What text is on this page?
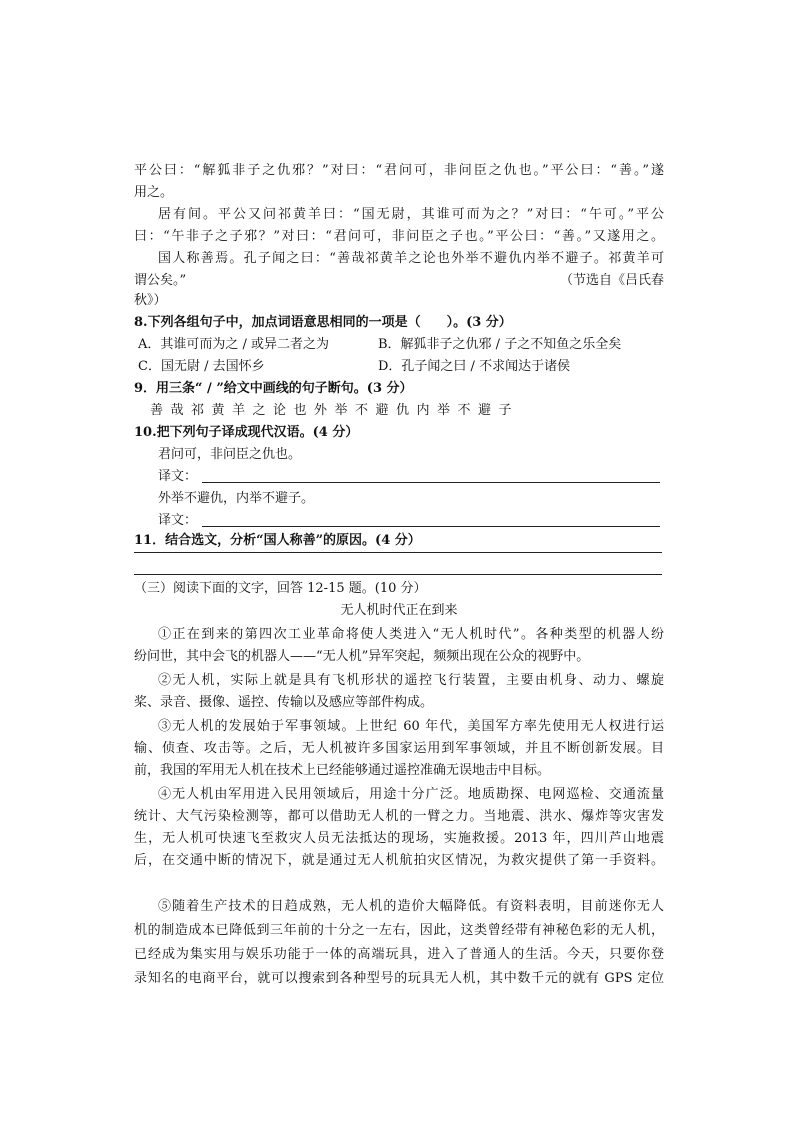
平公曰：“解狐非子之仇邪？”对曰：“君问可，非问臣之仇也。”平公曰：“善。”遂
用之。
居有间。平公又问祁黄羊曰：“国无尉，其谁可而为之？”对曰：“午可。”平公
曰：“午非子之子邪？”对曰：“君问可，非问臣之子也。”平公曰：“善。”又遂用之。
国人称善焉。孔子闻之曰：“善哉祁黄羊之论也外举不避仇内举不避子。祁黄羊可
谓公矣。”	（节选自《吕氏春
秋》）
8.下列各组句子中，加点词语意思相同的一项是（　　）。(3 分）
A．其谁可而为之 / 或异二者之为	B．解狐非子之仇邪 / 子之不知鱼之乐全矣
C．国无尉 / 去国怀乡	D．孔子闻之曰 / 不求闻达于诸侯
9．用三条“ / ”给文中画线的句子断句。(3 分）
善哉祁黄羊之论也外举不避仇内举不避子
10.把下列句子译成现代汉语。(4 分）
君问可，非问臣之仇也。
译文：
外举不避仇，内举不避子。
译文：
11．结合选文，分析“国人称善”的原因。(4 分）
（三）阅读下面的文字，回答 12-15 题。(10 分）
无人机时代正在到来
①正在到来的第四次工业革命将使人类进入“无人机时代”。各种类型的机器人纷
纷问世，其中会飞的机器人——“无人机”异军突起，频频出现在公众的视野中。
②无人机，实际上就是具有飞机形状的遥控飞行装置，主要由机身、动力、螺旋
桨、录音、摄像、遥控、传输以及感应等部件构成。
③无人机的发展始于军事领域。上世纪 60 年代，美国军方率先使用无人权进行运
输、侦查、攻击等。之后，无人机被许多国家运用到军事领域，并且不断创新发展。目
前，我国的军用无人机在技术上已经能够通过遥控准确无误地击中目标。
④无人机由军用进入民用领域后，用途十分广泛。地质勘探、电网巡检、交通流量
统计、大气污染检测等，都可以借助无人机的一臂之力。当地震、洪水、爆炸等灾害发
生，无人机可快速飞至救灾人员无法抵达的现场，实施救援。2013 年，四川芦山地震
后，在交通中断的情况下，就是通过无人机航拍灾区情况，为救灾提供了第一手资料。
⑤随着生产技术的日趋成熟，无人机的造价大幅降低。有资料表明，目前迷你无人
机的制造成本已降低到三年前的十分之一左右，因此，这类曾经带有神秘色彩的无人机，
已经成为集实用与娱乐功能于一体的高端玩具，进入了普通人的生活。今天，只要你登
录知名的电商平台，就可以搜索到各种型号的玩具无人机，其中数千元的就有 GPS 定位
